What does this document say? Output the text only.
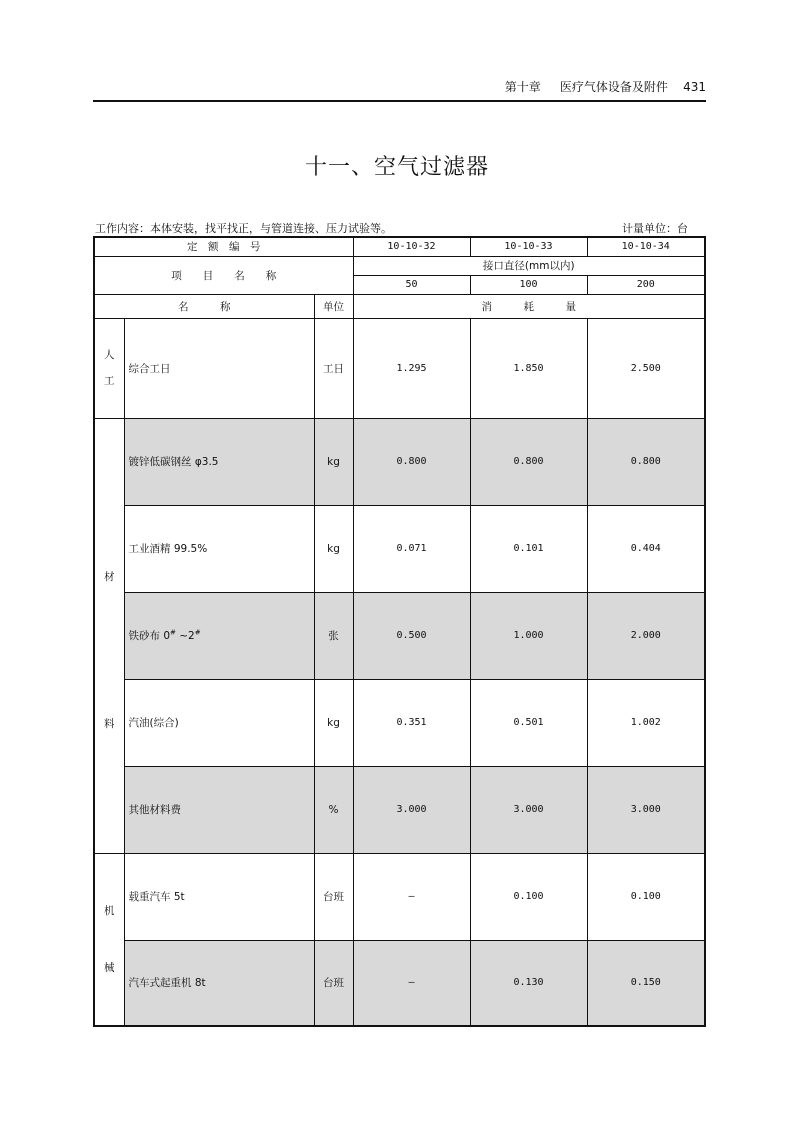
第十章 医疗气体设备及附件 431
十一、空气过滤器
工作内容：本体安装，找平找正，与管道连接、压力试验等。	计量单位：台
定　额　编　号			10-10-32	10-10-33	10-10-34
项　　目　　名　　称			接口直径(mm以内)		
			50	100	200
名　　　称		单位	消　　　耗　　　量		

人
工	综合工日	工日	1.295	1.850	2.500

材
料	镀锌低碳钢丝 φ3.5	kg	0.800	0.800	0.800
	工业酒精 99.5%	kg	0.071	0.101	0.404
	铁砂布 0# ~2#	张	0.500	1.000	2.000
	汽油(综合)	kg	0.351	0.501	1.002
	其他材料费	%	3.000	3.000	3.000

机
械	载重汽车 5t	台班	—	0.100	0.100
	汽车式起重机 8t	台班	—	0.130	0.150
